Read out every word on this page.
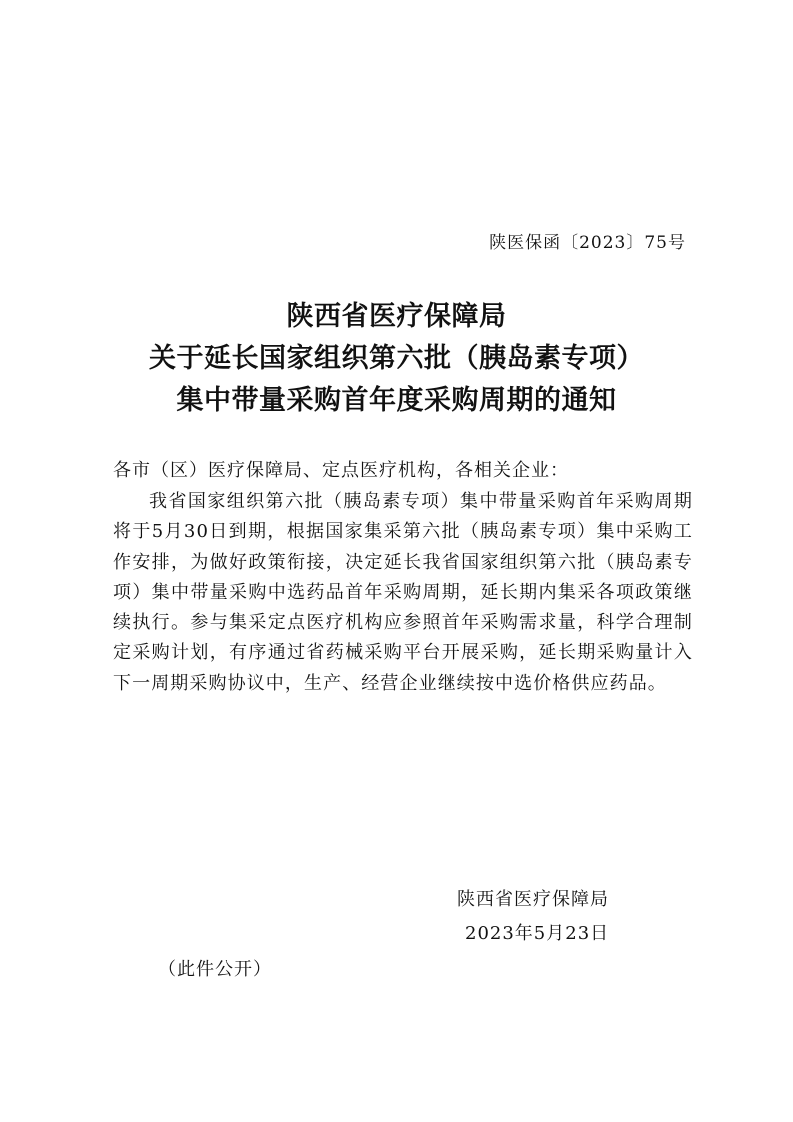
陕医保函〔2023〕75号
陕西省医疗保障局
关于延长国家组织第六批（胰岛素专项）
集中带量采购首年度采购周期的通知
各市（区）医疗保障局、定点医疗机构，各相关企业：
我省国家组织第六批（胰岛素专项）集中带量采购首年采购周期将于5月30日到期，根据国家集采第六批（胰岛素专项）集中采购工作安排，为做好政策衔接，决定延长我省国家组织第六批（胰岛素专项）集中带量采购中选药品首年采购周期，延长期内集采各项政策继续执行。参与集采定点医疗机构应参照首年采购需求量，科学合理制定采购计划，有序通过省药械采购平台开展采购，延长期采购量计入下一周期采购协议中，生产、经营企业继续按中选价格供应药品。
陕西省医疗保障局
2023年5月23日
（此件公开）
